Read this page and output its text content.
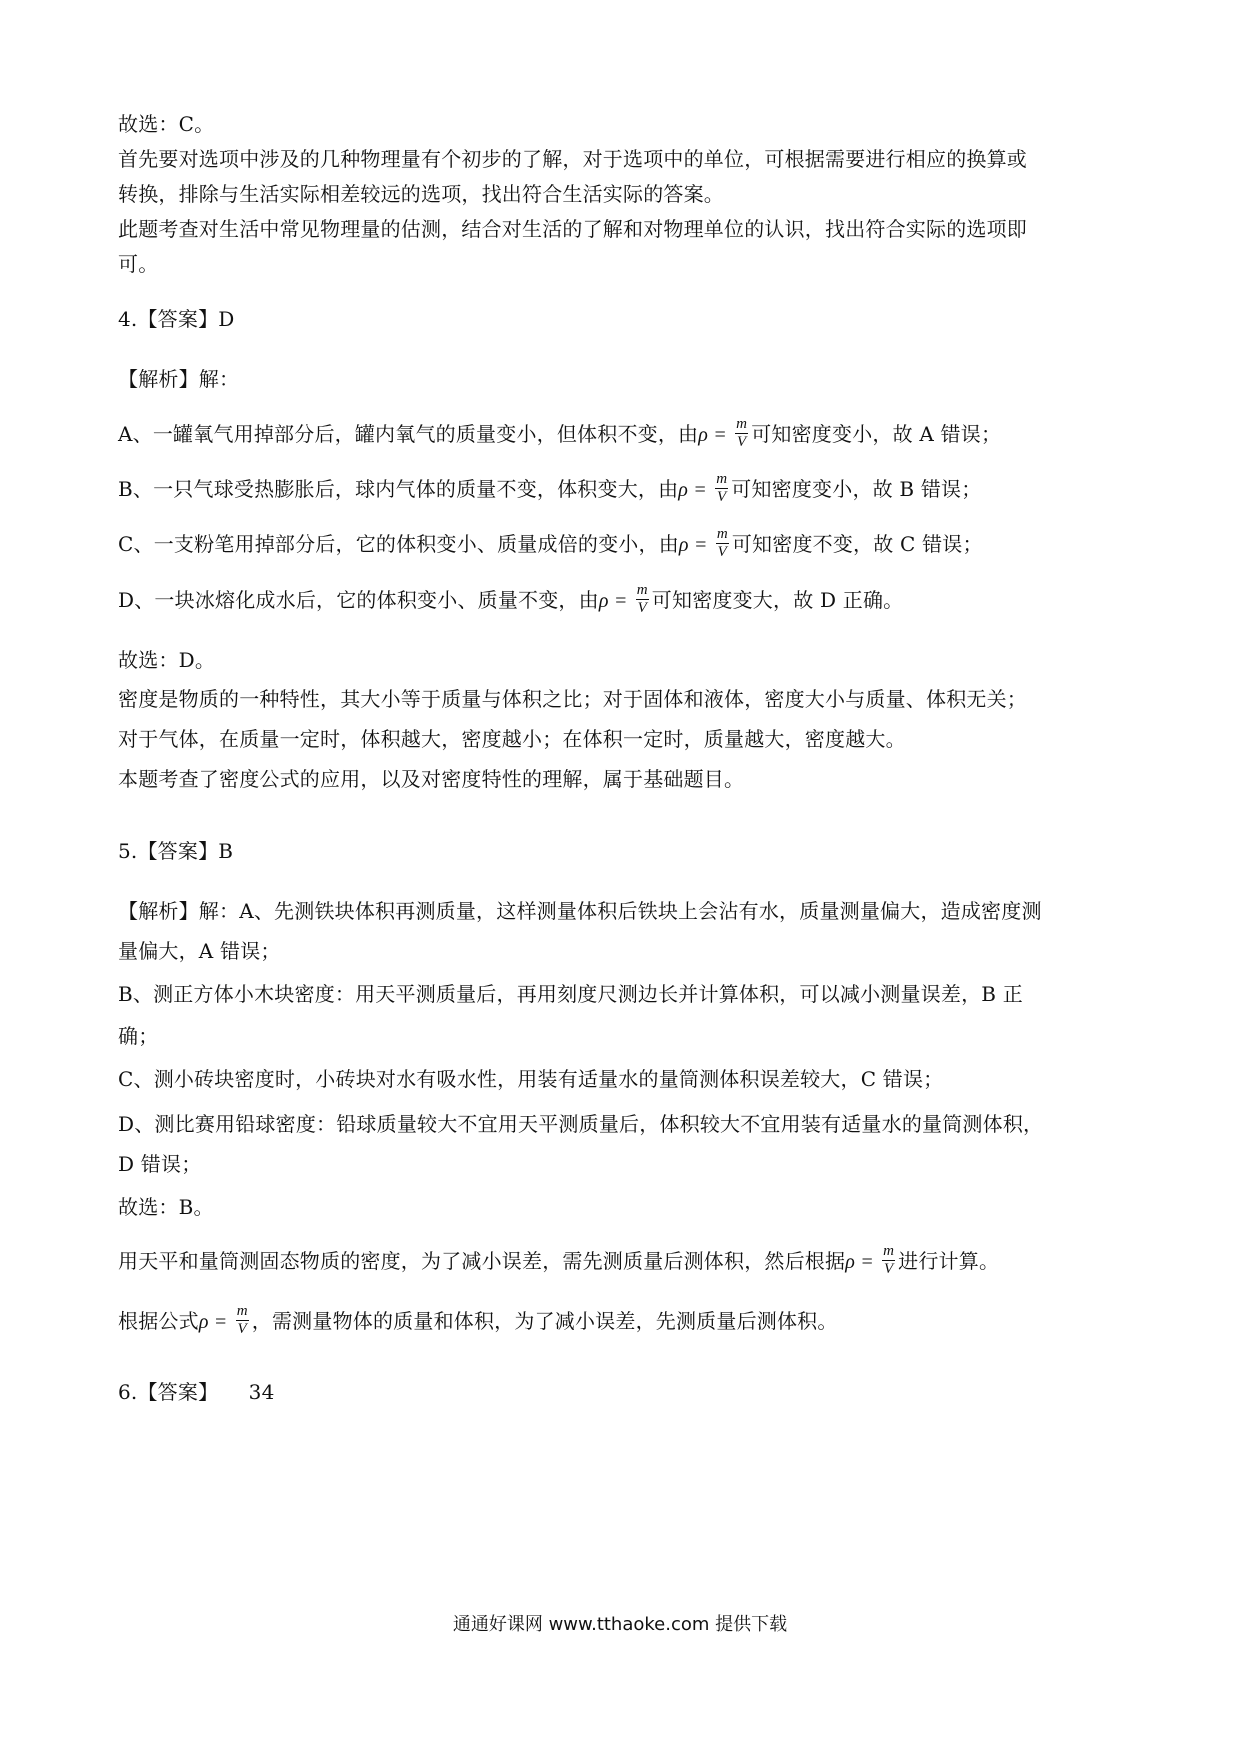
故选：C。
首先要对选项中涉及的几种物理量有个初步的了解，对于选项中的单位，可根据需要进行相应的换算或
转换，排除与生活实际相差较远的选项，找出符合生活实际的答案。
此题考查对生活中常见物理量的估测，结合对生活的了解和对物理单位的认识，找出符合实际的选项即
可。
4.【答案】D
【解析】解：
A、一罐氧气用掉部分后，罐内氧气的质量变小，但体积不变，由$\rho = \frac{m}{V}$ 可知密度变小，故 A 错误；
B、一只气球受热膨胀后，球内气体的质量不变，体积变大，由$\rho = \frac{m}{V}$ 可知密度变小，故 B 错误；
C、一支粉笔用掉部分后，它的体积变小、质量成倍的变小，由$\rho = \frac{m}{V}$ 可知密度不变，故 C 错误；
D、一块冰熔化成水后，它的体积变小、质量不变，由$\rho = \frac{m}{V}$ 可知密度变大，故 D 正确。
故选：D。
密度是物质的一种特性，其大小等于质量与体积之比；对于固体和液体，密度大小与质量、体积无关；
对于气体，在质量一定时，体积越大，密度越小；在体积一定时，质量越大，密度越大。
本题考查了密度公式的应用，以及对密度特性的理解，属于基础题目。
5.【答案】B
【解析】解：A、先测铁块体积再测质量，这样测量体积后铁块上会沾有水，质量测量偏大，造成密度测
量偏大，A 错误；
B、测正方体小木块密度：用天平测质量后，再用刻度尺测边长并计算体积，可以减小测量误差，B 正
确；
C、测小砖块密度时，小砖块对水有吸水性，用装有适量水的量筒测体积误差较大，C 错误；
D、测比赛用铅球密度：铅球质量较大不宜用天平测质量后，体积较大不宜用装有适量水的量筒测体积，
D 错误；
故选：B。
用天平和量筒测固态物质的密度，为了减小误差，需先测质量后测体积，然后根据$\rho = \frac{m}{V}$ 进行计算。
根据公式$\rho = \frac{m}{V}$ ，需测量物体的质量和体积，为了减小误差，先测质量后测体积。
6.【答案】　　34
通通好课网 www.tthaoke.com 提供下载
